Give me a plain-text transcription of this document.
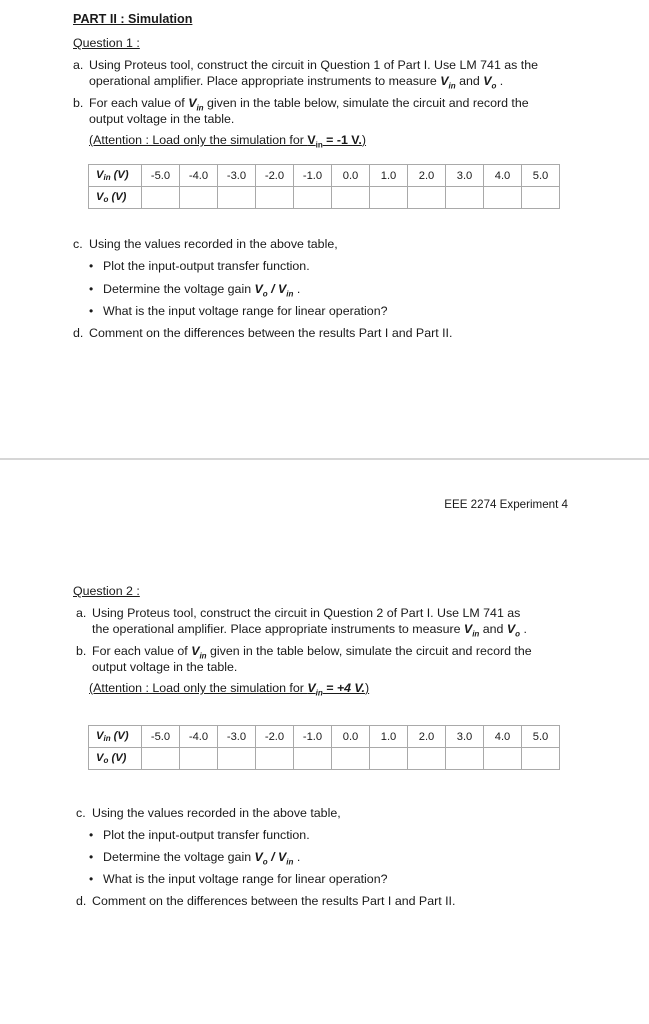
PART II : Simulation
Question 1 :
a. Using Proteus tool, construct the circuit in Question 1 of Part I. Use LM 741 as the
operational amplifier. Place appropriate instruments to measure $V_{in}$ and $V_o$ .
b. For each value of $V_{in}$ given in the table below, simulate the circuit and record the
output voltage in the table.
(Attention : Load only the simulation for $V_{in} = -1$ V.)
$V_{in}$ (V)	-5.0	-4.0	-3.0	-2.0	-1.0	0.0	1.0	2.0	3.0	4.0	5.0
$V_o$ (V)											
c. Using the values recorded in the above table,
• Plot the input-output transfer function.
• Determine the voltage gain $V_o / V_{in}$ .
• What is the input voltage range for linear operation?
d. Comment on the differences between the results Part I and Part II.
EEE 2274 Experiment 4
Question 2 :
a. Using Proteus tool, construct the circuit in Question 2 of Part I. Use LM 741 as
the operational amplifier. Place appropriate instruments to measure $V_{in}$ and $V_o$ .
b. For each value of $V_{in}$ given in the table below, simulate the circuit and record the
output voltage in the table.
(Attention : Load only the simulation for $V_{in} = +4$ V.)
$V_{in}$ (V)	-5.0	-4.0	-3.0	-2.0	-1.0	0.0	1.0	2.0	3.0	4.0	5.0
$V_o$ (V)											
c. Using the values recorded in the above table,
• Plot the input-output transfer function.
• Determine the voltage gain $V_o / V_{in}$ .
• What is the input voltage range for linear operation?
d. Comment on the differences between the results Part I and Part II.
